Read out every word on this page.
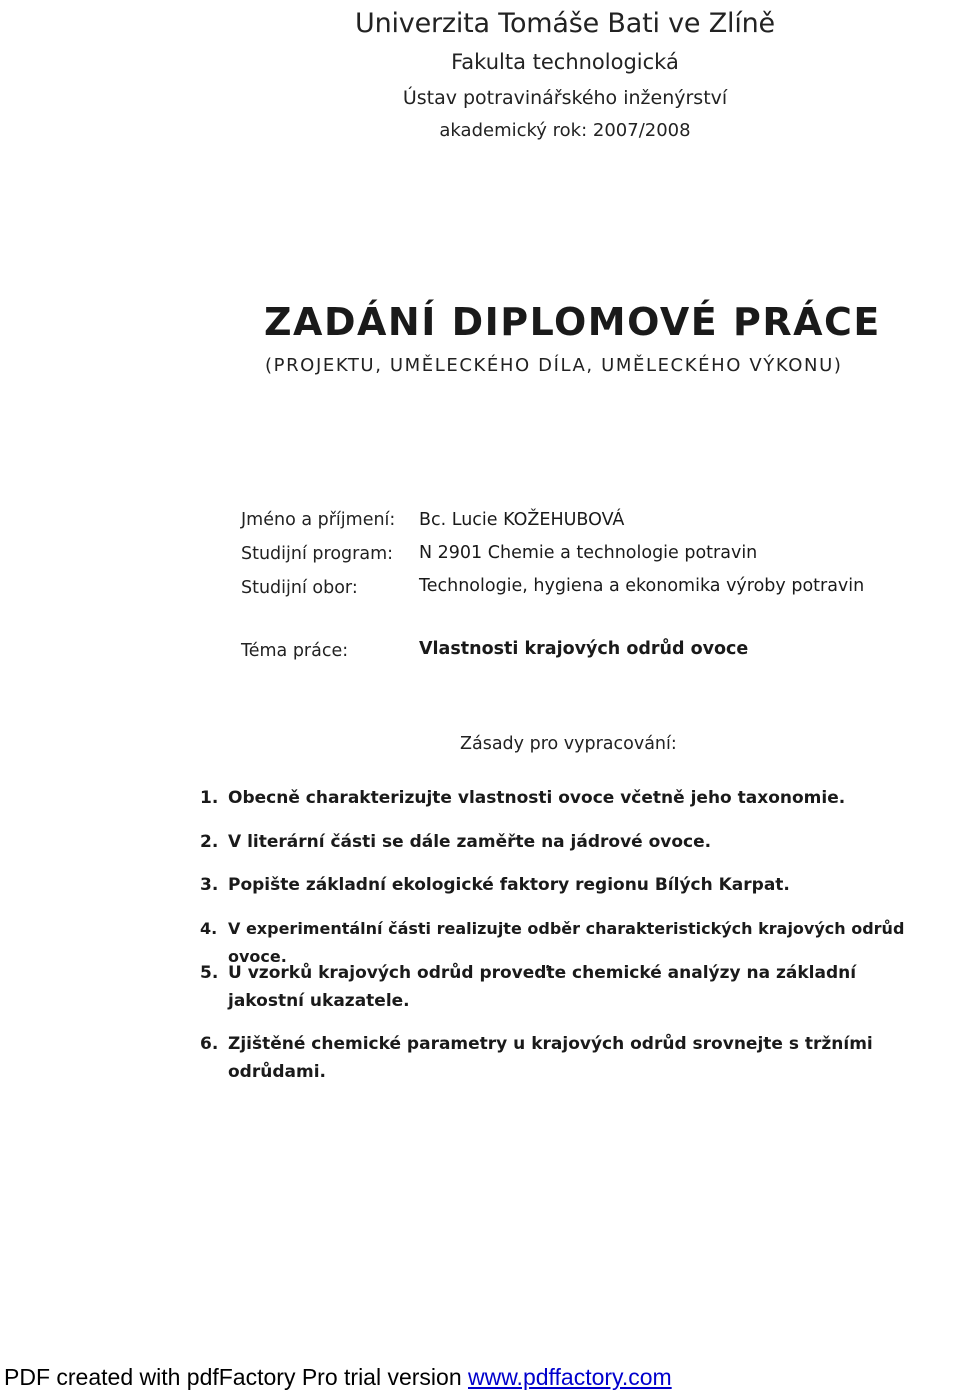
Univerzita Tomáše Bati ve Zlíně
Fakulta technologická
Ústav potravinářského inženýrství
akademický rok: 2007/2008
ZADÁNÍ DIPLOMOVÉ PRÁCE
(PROJEKTU, UMĚLECKÉHO DÍLA, UMĚLECKÉHO VÝKONU)
Jméno a příjmení: Bc. Lucie KOŽEHUBOVÁ
Studijní program: N 2901 Chemie a technologie potravin
Studijní obor:	Technologie, hygiena a ekonomika výroby potravin
Téma práce:	Vlastnosti krajových odrůd ovoce
Zásady pro vypracování:
1. Obecně charakterizujte vlastnosti ovoce včetně jeho taxonomie.
2. V literární části se dále zaměřte na jádrové ovoce.
3. Popište základní ekologické faktory regionu Bílých Karpat.
4. V experimentální části realizujte odběr charakteristických krajových odrůd ovoce.
5. U vzorků krajových odrůd proveďte chemické analýzy na základní jakostní ukazatele.
6. Zjištěné chemické parametry u krajových odrůd srovnejte s tržními odrůdami.
PDF created with pdfFactory Pro trial version www.pdffactory.com
